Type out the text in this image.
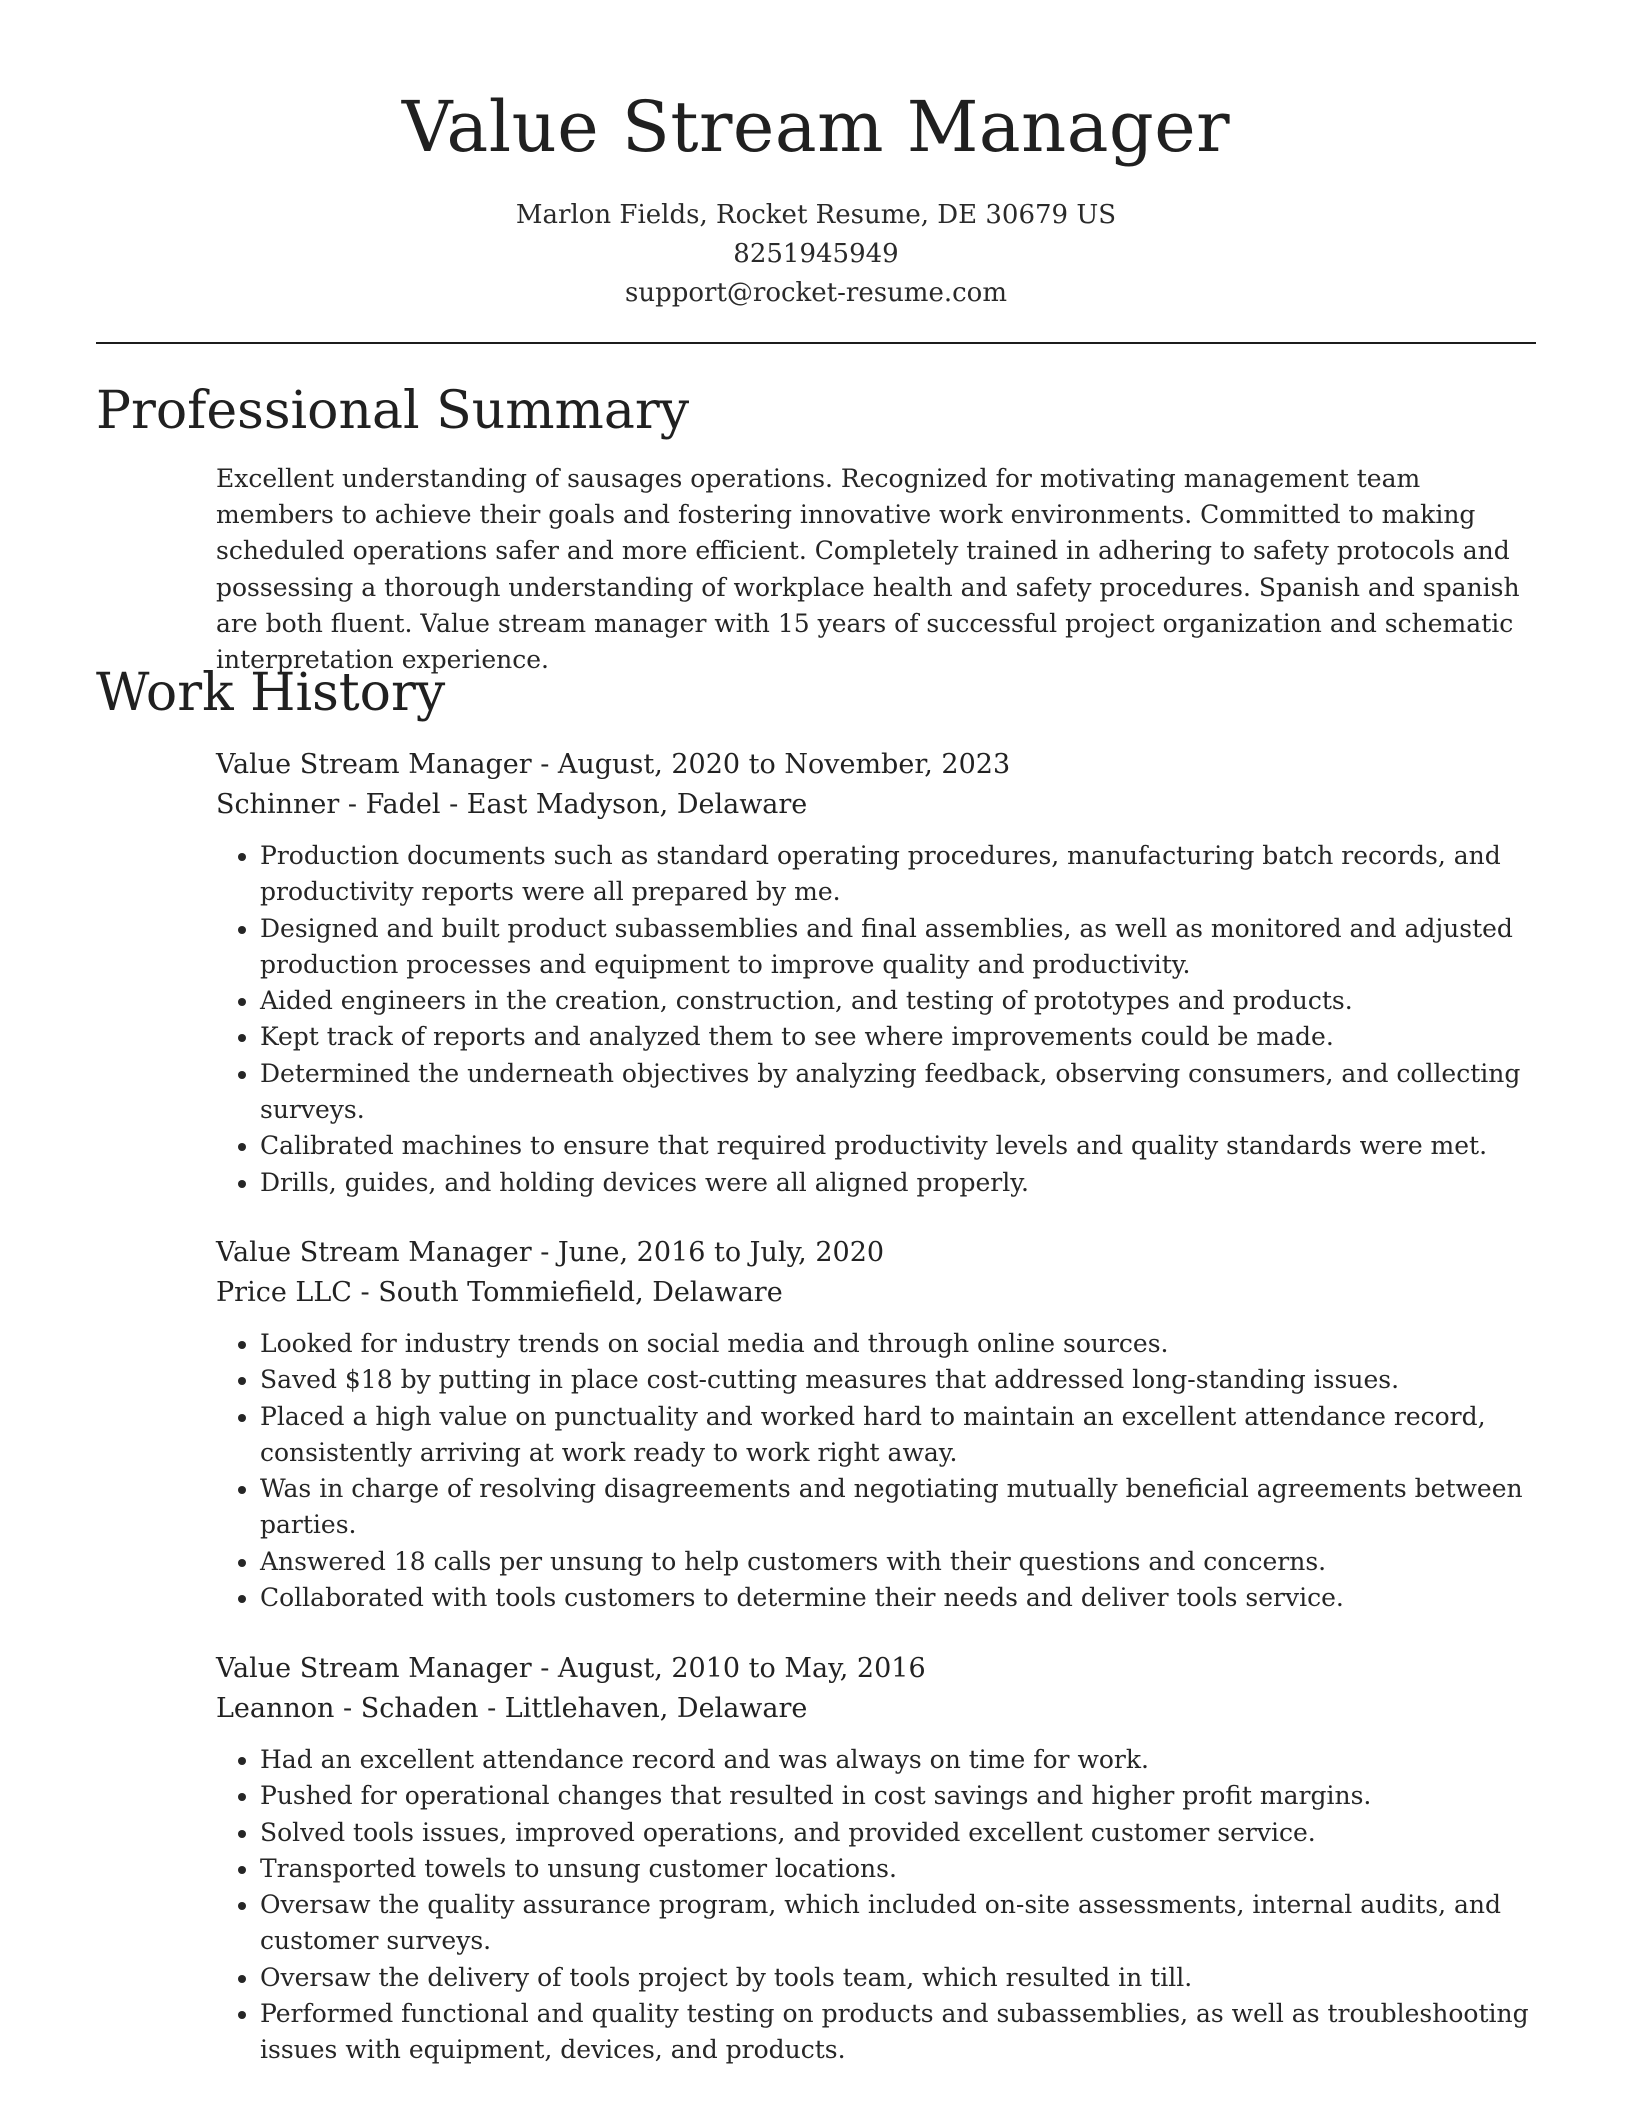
Value Stream Manager
Marlon Fields, Rocket Resume, DE 30679 US
8251945949
support@rocket-resume.com
Professional Summary

Excellent understanding of sausages operations. Recognized for motivating management team members to achieve their goals and fostering innovative work environments. Committed to making scheduled operations safer and more efficient. Completely trained in adhering to safety protocols and possessing a thorough understanding of workplace health and safety procedures. Spanish and spanish are both fluent. Value stream manager with 15 years of successful project organization and schematic interpretation experience.

Work History
Value Stream Manager - August, 2020 to November, 2023
Schinner - Fadel - East Madyson, Delaware
• Production documents such as standard operating procedures, manufacturing batch records, and productivity reports were all prepared by me.
• Designed and built product subassemblies and final assemblies, as well as monitored and adjusted production processes and equipment to improve quality and productivity.
• Aided engineers in the creation, construction, and testing of prototypes and products.
• Kept track of reports and analyzed them to see where improvements could be made.
• Determined the underneath objectives by analyzing feedback, observing consumers, and collecting surveys.
• Calibrated machines to ensure that required productivity levels and quality standards were met.
• Drills, guides, and holding devices were all aligned properly.
Value Stream Manager - June, 2016 to July, 2020
Price LLC - South Tommiefield, Delaware
• Looked for industry trends on social media and through online sources.
• Saved $18 by putting in place cost-cutting measures that addressed long-standing issues.
• Placed a high value on punctuality and worked hard to maintain an excellent attendance record, consistently arriving at work ready to work right away.
• Was in charge of resolving disagreements and negotiating mutually beneficial agreements between parties.
• Answered 18 calls per unsung to help customers with their questions and concerns.
• Collaborated with tools customers to determine their needs and deliver tools service.
Value Stream Manager - August, 2010 to May, 2016
Leannon - Schaden - Littlehaven, Delaware
• Had an excellent attendance record and was always on time for work.
• Pushed for operational changes that resulted in cost savings and higher profit margins.
• Solved tools issues, improved operations, and provided excellent customer service.
• Transported towels to unsung customer locations.
• Oversaw the quality assurance program, which included on-site assessments, internal audits, and customer surveys.
• Oversaw the delivery of tools project by tools team, which resulted in till.
• Performed functional and quality testing on products and subassemblies, as well as troubleshooting issues with equipment, devices, and products.
